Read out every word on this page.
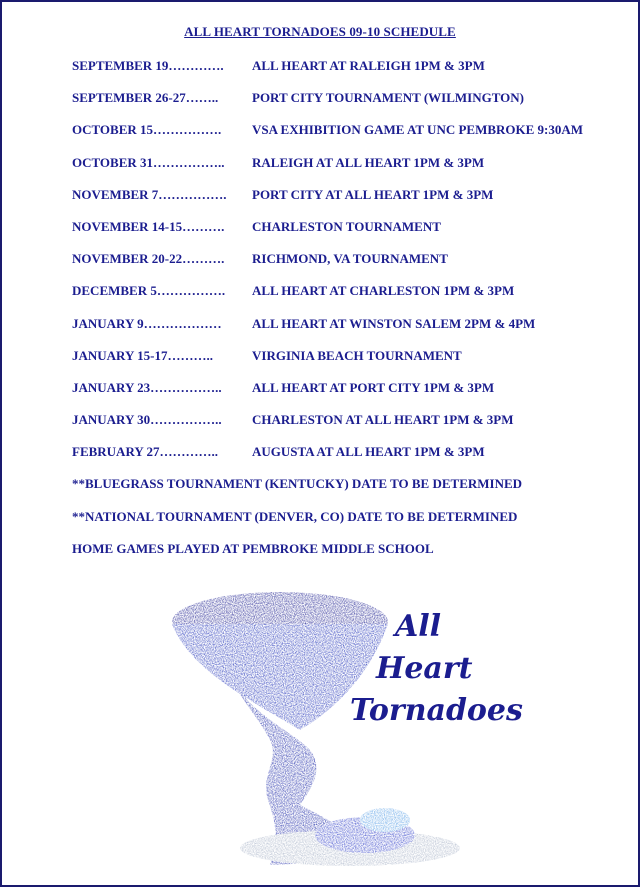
ALL HEART TORNADOES 09-10 SCHEDULE
SEPTEMBER 19…………. ALL HEART AT RALEIGH 1PM & 3PM
SEPTEMBER 26-27……..	PORT CITY TOURNAMENT (WILMINGTON)
OCTOBER 15……………. VSA EXHIBITION GAME AT UNC PEMBROKE 9:30AM
OCTOBER 31…………….. RALEIGH AT ALL HEART 1PM & 3PM
NOVEMBER 7……………. PORT CITY AT ALL HEART 1PM & 3PM
NOVEMBER 14-15………. CHARLESTON TOURNAMENT
NOVEMBER 20-22………. RICHMOND, VA TOURNAMENT
DECEMBER 5……………. ALL HEART AT CHARLESTON 1PM & 3PM
JANUARY 9……………… ALL HEART AT WINSTON SALEM 2PM & 4PM
JANUARY 15-17………..	VIRGINIA BEACH TOURNAMENT
JANUARY 23…………….. ALL HEART AT PORT CITY 1PM & 3PM
JANUARY 30…………….. CHARLESTON AT ALL HEART 1PM & 3PM
FEBRUARY 27…………..	AUGUSTA AT ALL HEART 1PM & 3PM
**BLUEGRASS TOURNAMENT (KENTUCKY) DATE TO BE DETERMINED
**NATIONAL TOURNAMENT (DENVER, CO) DATE TO BE DETERMINED
HOME GAMES PLAYED AT PEMBROKE MIDDLE SCHOOL
All
Heart
Tornadoes
